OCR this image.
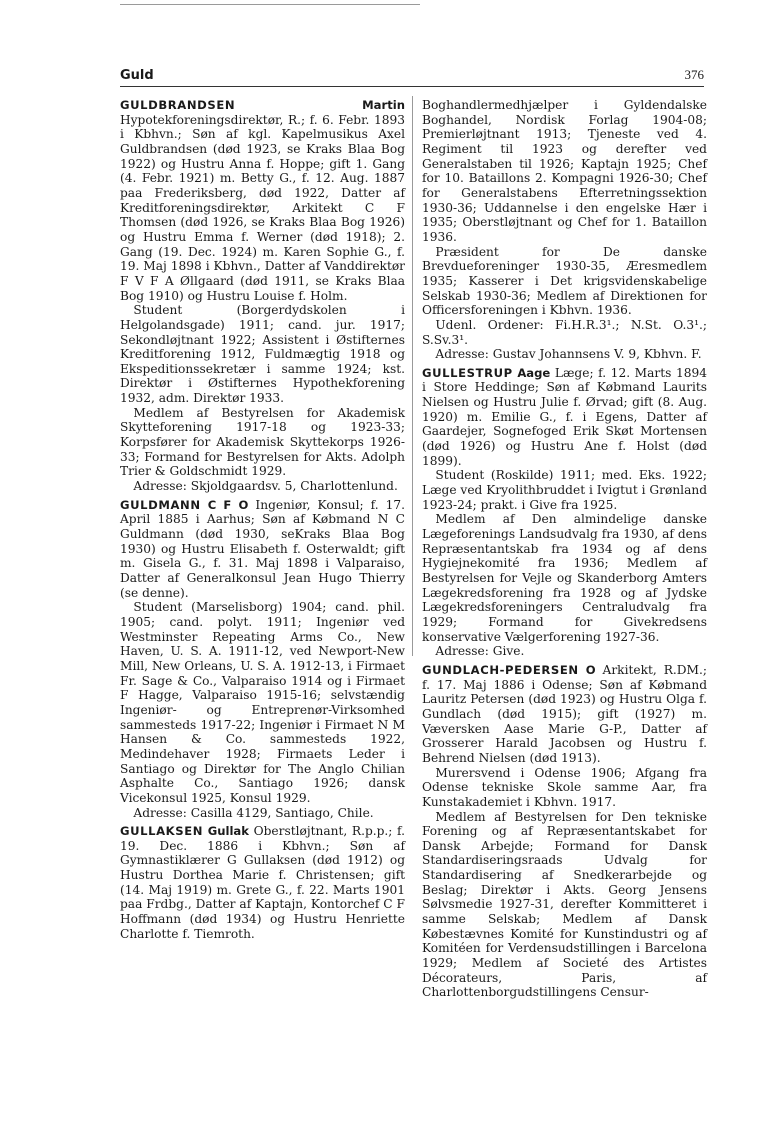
Guld	376

GULDBRANDSEN	Martin Hypotekforeningsdirektør, R.; f. 6. Febr. 1893 i Kbhvn.; Søn af kgl. Kapelmusikus Axel Guldbrandsen (død 1923, se Kraks Blaa Bog 1922) og Hustru Anna f. Hoppe; gift 1. Gang (4. Febr. 1921) m. Betty G., f. 12. Aug. 1887 paa Frederiksberg, død 1922, Datter af Kreditforeningsdirektør, Arkitekt C F Thomsen (død 1926, se Kraks Blaa Bog 1926) og Hustru Emma f. Werner (død 1918); 2. Gang (19. Dec. 1924) m. Karen Sophie G., f. 19. Maj 1898 i Kbhvn., Datter af Vanddirektør F V F A Øllgaard (død 1911, se Kraks Blaa Bog 1910) og Hustru Louise f. Holm.

Student (Borgerdydskolen i Helgolandsgade) 1911; cand. jur. 1917; Sekondløjtnant 1922; Assistent i Østifternes Kreditforening 1912, Fuldmægtig 1918 og Ekspeditionssekretær i samme 1924; kst. Direktør i Østifternes Hypothekforening 1932, adm. Direktør 1933.

Medlem af Bestyrelsen for Akademisk Skytteforening 1917-18 og 1923-33; Korpsfører for Akademisk Skyttekorps 1926-33; Formand for Bestyrelsen for Akts. Adolph Trier & Goldschmidt 1929.

Adresse: Skjoldgaardsv. 5, Charlottenlund.

GULDMANN C F O Ingeniør, Konsul; f. 17. April 1885 i Aarhus; Søn af Købmand N C Guldmann (død 1930, seKraks Blaa Bog 1930) og Hustru Elisabeth f. Osterwaldt; gift m. Gisela G., f. 31. Maj 1898 i Valparaiso, Datter af Generalkonsul Jean Hugo Thierry (se denne).

Student (Marselisborg) 1904; cand. phil. 1905; cand. polyt. 1911; Ingeniør ved Westminster Repeating Arms Co., New Haven, U. S. A. 1911-12, ved Newport-New Mill, New Orleans, U. S. A. 1912-13, i Firmaet Fr. Sage & Co., Valparaiso 1914 og i Firmaet F Hagge, Valparaiso 1915-16; selvstændig Ingeniør- og Entreprenør-Virksomhed sammesteds 1917-22; Ingeniør i Firmaet N M Hansen & Co. sammesteds 1922, Medindehaver 1928; Firmaets Leder i Santiago og Direktør for The Anglo Chilian Asphalte Co., Santiago 1926; dansk Vicekonsul 1925, Konsul 1929.

Adresse: Casilla 4129, Santiago, Chile.

GULLAKSEN Gullak Oberstløjtnant, R.p.p.; f. 19. Dec. 1886 i Kbhvn.; Søn af Gymnastiklærer G Gullaksen (død 1912) og Hustru Dorthea Marie f. Christensen; gift (14. Maj 1919) m. Grete G., f. 22. Marts 1901 paa Frdbg., Datter af Kaptajn, Kontorchef C F Hoffmann (død 1934) og Hustru Henriette Charlotte f. Tiemroth.

Boghandlermedhjælper i Gyldendalske Boghandel, Nordisk Forlag 1904-08; Premierløjtnant 1913; Tjeneste ved 4. Regiment til 1923 og derefter ved Generalstaben til 1926; Kaptajn 1925; Chef for 10. Bataillons 2. Kompagni 1926-30; Chef for Generalstabens Efterretningssektion 1930-36; Uddannelse i den engelske Hær i 1935; Oberstløjtnant og Chef for 1. Bataillon 1936.

Præsident for De danske Brevdueforeninger 1930-35, Æresmedlem 1935; Kasserer i Det krigsvidenskabelige Selskab 1930-36; Medlem af Direktionen for Officersforeningen i Kbhvn. 1936.

Udenl. Ordener: Fi.H.R.3¹.; N.St. O.3¹.; S.Sv.3¹.

Adresse: Gustav Johannsens V. 9, Kbhvn. F.

GULLESTRUP Aage Læge; f. 12. Marts 1894 i Store Heddinge; Søn af Købmand Laurits Nielsen og Hustru Julie f. Ørvad; gift (8. Aug. 1920) m. Emilie G., f. i Egens, Datter af Gaardejer, Sognefoged Erik Skøt Mortensen (død 1926) og Hustru Ane f. Holst (død 1899).

Student (Roskilde) 1911; med. Eks. 1922; Læge ved Kryolithbruddet i Ivigtut i Grønland 1923-24; prakt. i Give fra 1925.

Medlem af Den almindelige danske Lægeforenings Landsudvalg fra 1930, af dens Repræsentantskab fra 1934 og af dens Hygiejnekomité fra 1936; Medlem af Bestyrelsen for Vejle og Skanderborg Amters Lægekredsforening fra 1928 og af Jydske Lægekredsforeningers Centraludvalg fra 1929; Formand for Givekredsens konservative Vælgerforening 1927-36.

Adresse: Give.

GUNDLACH-PEDERSEN O Arkitekt, R.DM.; f. 17. Maj 1886 i Odense; Søn af Købmand Lauritz Petersen (død 1923) og Hustru Olga f. Gundlach (død 1915); gift (1927) m. Væversken Aase Marie G-P., Datter af Grosserer Harald Jacobsen og Hustru f. Behrend Nielsen (død 1913).

Murersvend i Odense 1906; Afgang fra Odense tekniske Skole samme Aar, fra Kunstakademiet i Kbhvn. 1917.

Medlem af Bestyrelsen for Den tekniske Forening og af Repræsentantskabet for Dansk Arbejde; Formand for Dansk Standardiseringsraads Udvalg for Standardisering af Snedkerarbejde og Beslag; Direktør i Akts. Georg Jensens Sølvsmedie 1927-31, derefter Kommitteret i samme Selskab; Medlem af Dansk Købestævnes Komité for Kunstindustri og af Komitéen for Verdensudstillingen i Barcelona 1929; Medlem af Societé des Artistes Décorateurs, Paris, af Charlottenborgudstillingens Censur-
